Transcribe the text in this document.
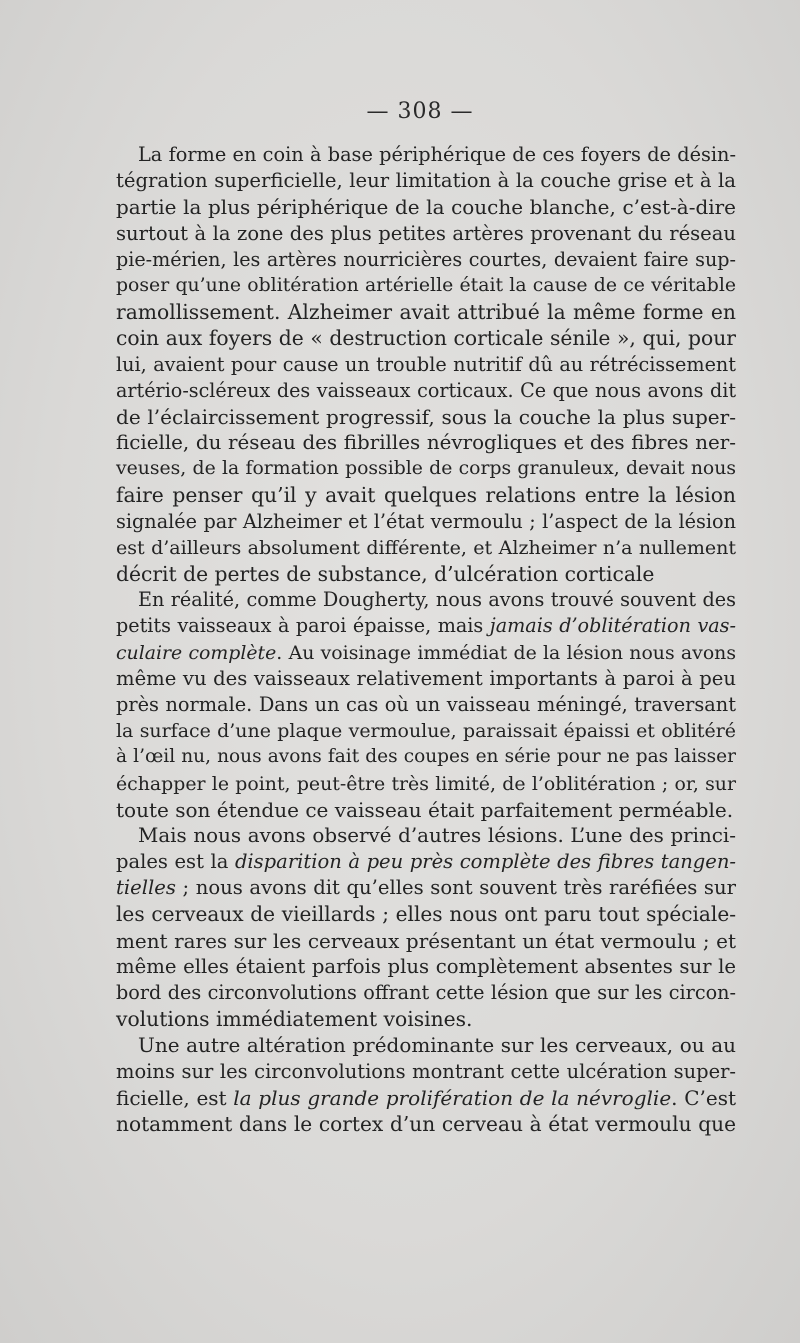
— 308 —
La forme en coin à base périphérique de ces foyers de désin-
tégration superficielle, leur limitation à la couche grise et à la
partie la plus périphérique de la couche blanche, c’est-à-dire
surtout à la zone des plus petites artères provenant du réseau
pie-mérien, les artères nourricières courtes, devaient faire sup-
poser qu’une oblitération artérielle était la cause de ce véritable
ramollissement. Alzheimer avait attribué la même forme en
coin aux foyers de « destruction corticale sénile », qui, pour
lui, avaient pour cause un trouble nutritif dû au rétrécissement
artério-scléreux des vaisseaux corticaux. Ce que nous avons dit
de l’éclaircissement progressif, sous la couche la plus super-
ficielle, du réseau des fibrilles névrogliques et des fibres ner-
veuses, de la formation possible de corps granuleux, devait nous
faire penser qu’il y avait quelques relations entre la lésion
signalée par Alzheimer et l’état vermoulu ; l’aspect de la lésion
est d’ailleurs absolument différente, et Alzheimer n’a nullement
décrit de pertes de substance, d’ulcération corticale
En réalité, comme Dougherty, nous avons trouvé souvent des
petits vaisseaux à paroi épaisse, mais jamais d’oblitération vas-
culaire complète. Au voisinage immédiat de la lésion nous avons
même vu des vaisseaux relativement importants à paroi à peu
près normale. Dans un cas où un vaisseau méningé, traversant
la surface d’une plaque vermoulue, paraissait épaissi et oblitéré
à l’œil nu, nous avons fait des coupes en série pour ne pas laisser
échapper le point, peut-être très limité, de l’oblitération ; or, sur
toute son étendue ce vaisseau était parfaitement perméable.
Mais nous avons observé d’autres lésions. L’une des princi-
pales est la disparition à peu près complète des fibres tangen-
tielles ; nous avons dit qu’elles sont souvent très raréfiées sur
les cerveaux de vieillards ; elles nous ont paru tout spéciale-
ment rares sur les cerveaux présentant un état vermoulu ; et
même elles étaient parfois plus complètement absentes sur le
bord des circonvolutions offrant cette lésion que sur les circon-
volutions immédiatement voisines.
Une autre altération prédominante sur les cerveaux, ou au
moins sur les circonvolutions montrant cette ulcération super-
ficielle, est la plus grande prolifération de la névroglie. C’est
notamment dans le cortex d’un cerveau à état vermoulu que
